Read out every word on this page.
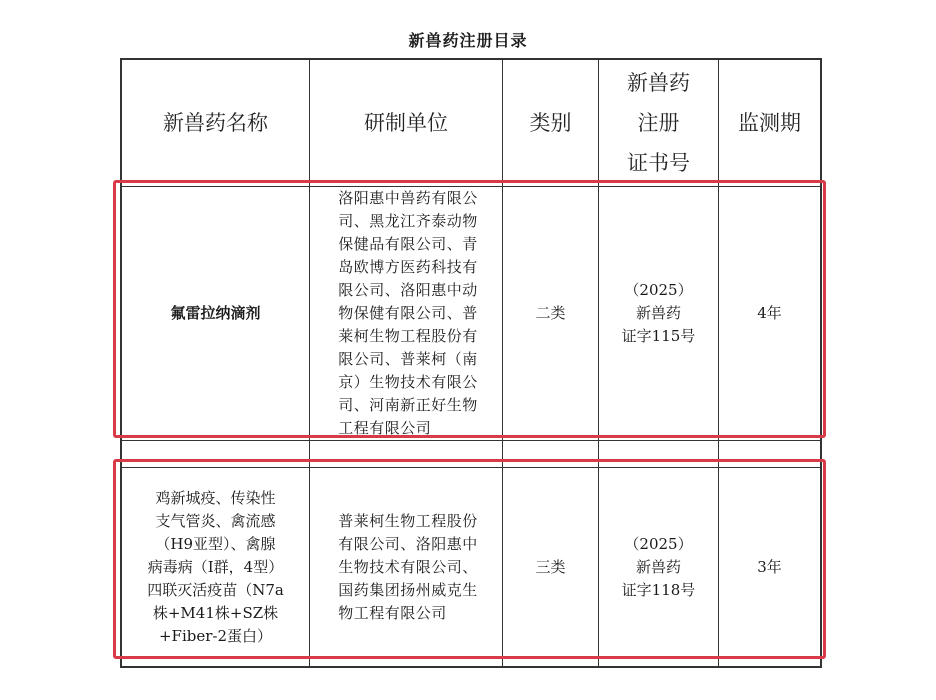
新兽药注册目录
新兽药名称	研制单位	类别
新兽药
注册
证书号
监测期
氟雷拉纳滴剂
洛阳惠中兽药有限公
司、黑龙江齐泰动物
保健品有限公司、青
岛欧博方医药科技有
限公司、洛阳惠中动
物保健有限公司、普
莱柯生物工程股份有
限公司、普莱柯（南
京）生物技术有限公
司、河南新正好生物
工程有限公司
二类
（2025）
新兽药
证字115号
4年
鸡新城疫、传染性
支气管炎、禽流感
（H9亚型）、禽腺
病毒病（I群，4型）
四联灭活疫苗（N7a
株+M41株+SZ株
+Fiber-2蛋白）
普莱柯生物工程股份
有限公司、洛阳惠中
生物技术有限公司、
国药集团扬州威克生
物工程有限公司
三类
（2025）
新兽药
证字118号
3年
